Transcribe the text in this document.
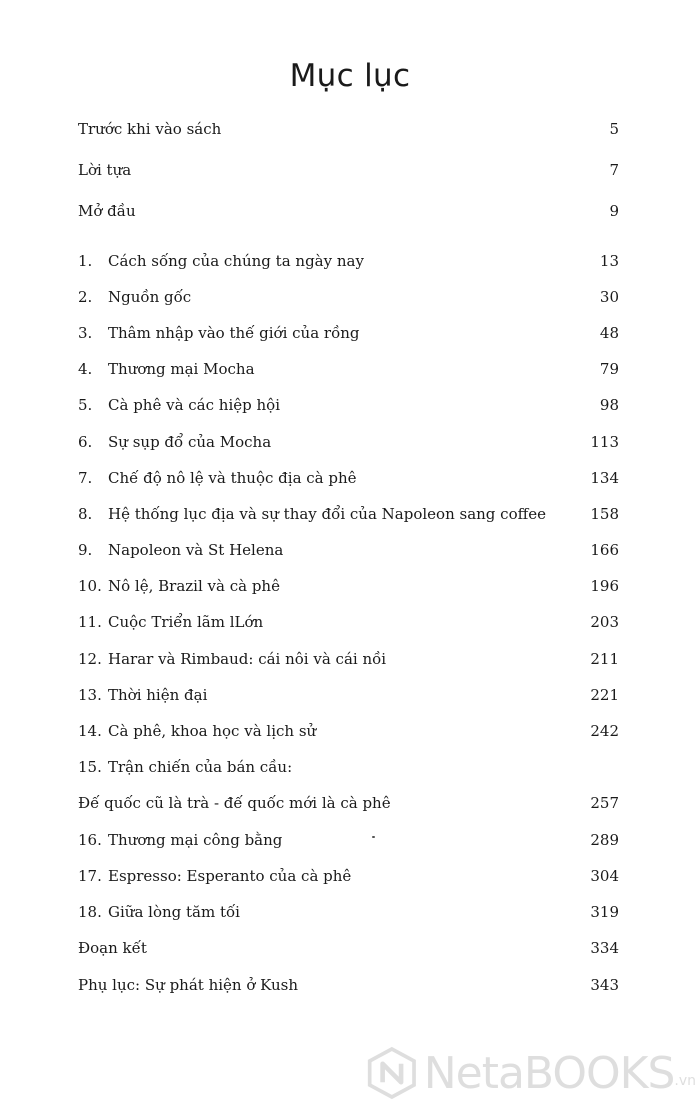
Mục lục
Trước khi vào sách	5
Lời tựa	7
Mở đầu	9
1.	Cách sống của chúng ta ngày nay	13
2.	Nguồn gốc	30
3.	Thâm nhập vào thế giới của rồng	48
4.	Thương mại Mocha	79
5.	Cà phê và các hiệp hội	98
6.	Sự sụp đổ của Mocha	113
7.	Chế độ nô lệ và thuộc địa cà phê	134
8.	Hệ thống lục địa và sự thay đổi của Napoleon sang coffee	158
9.	Napoleon và St Helena	166
10. Nô lệ, Brazil và cà phê	196
11. Cuộc Triển lãm lLớn	203
12. Harar và Rimbaud: cái nôi và cái nồi	211
13. Thời hiện đại	221
14. Cà phê, khoa học và lịch sử	242
15. Trận chiến của bán cầu:
Đế quốc cũ là trà - đế quốc mới là cà phê	257
16. Thương mại công bằng	289
17. Espresso: Esperanto của cà phê	304
18. Giữa lòng tăm tối	319
Đoạn kết	334
Phụ lục: Sự phát hiện ở Kush	343
NetaBOOKS .vn
